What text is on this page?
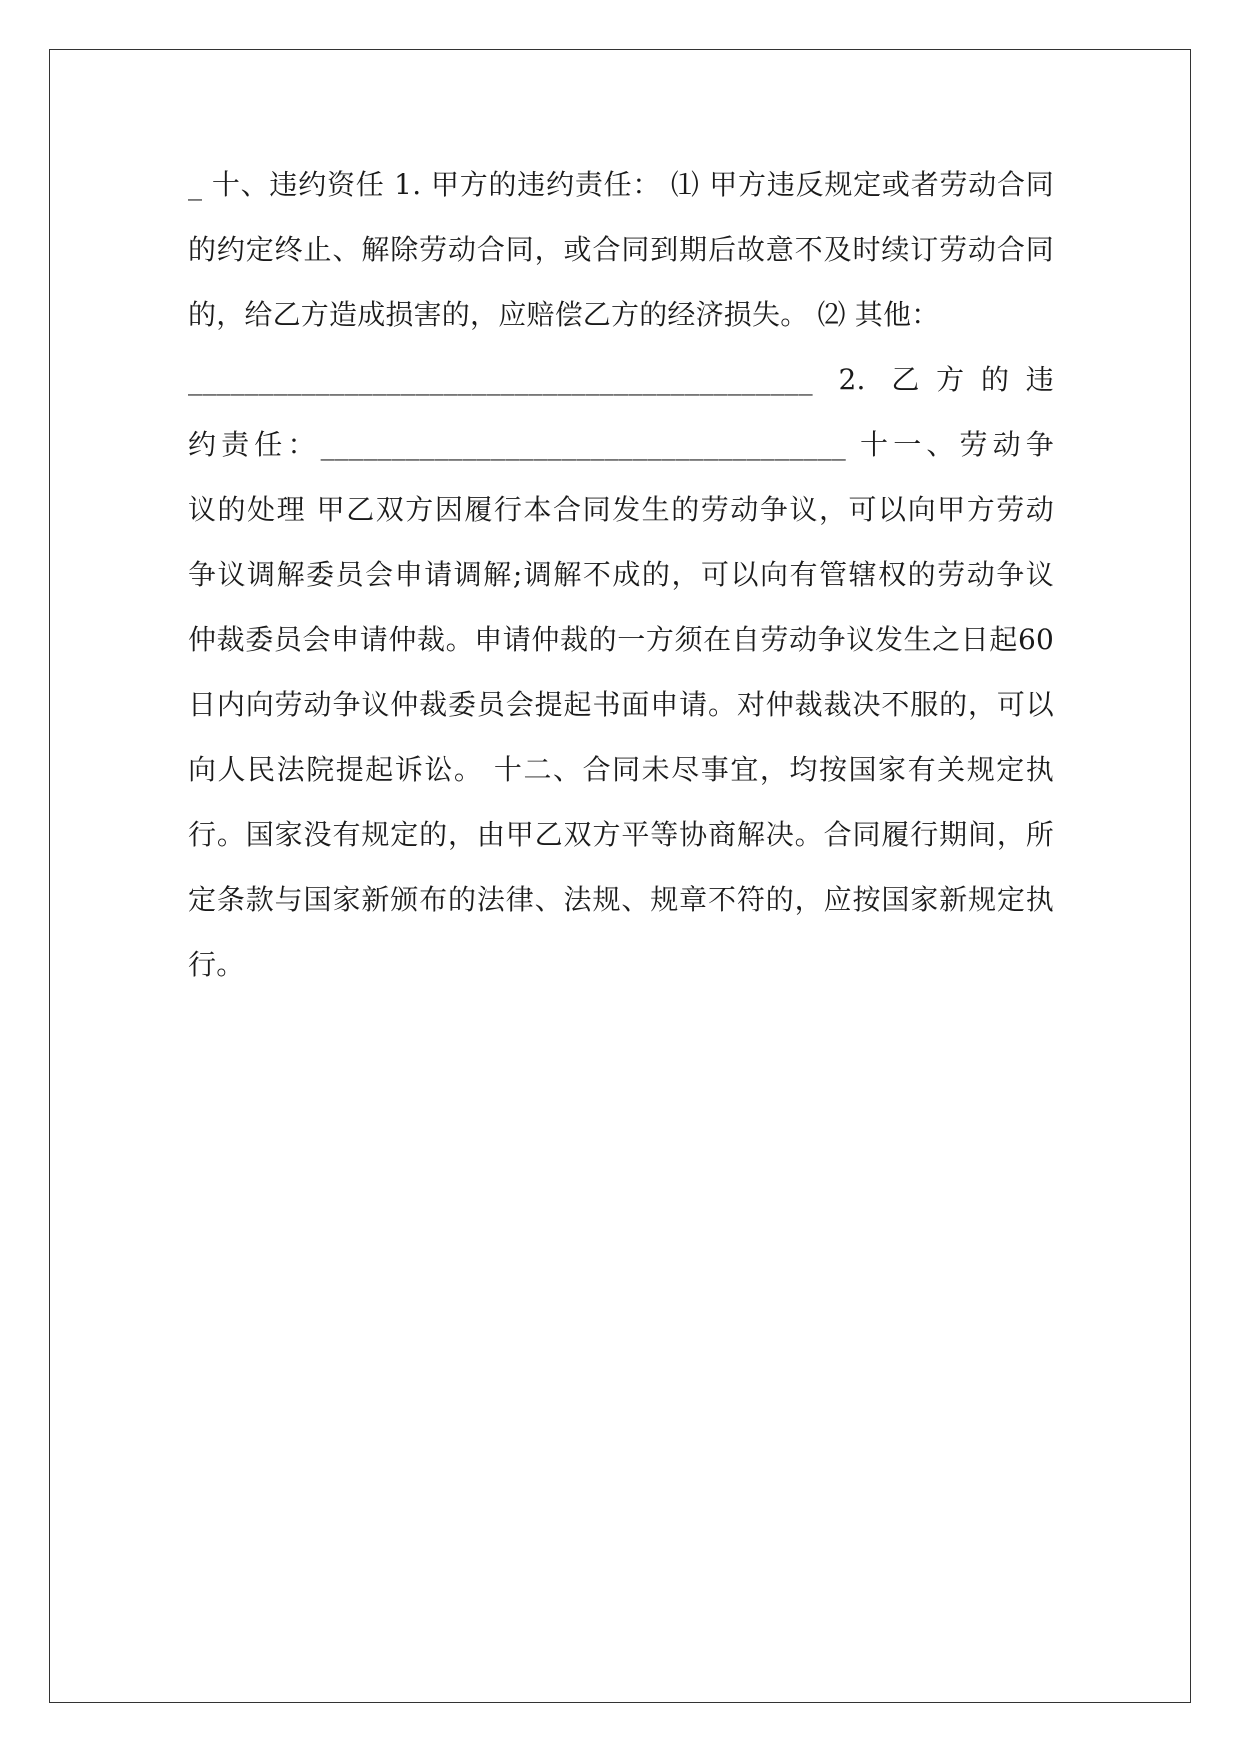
_ 十、违约资任 1. 甲方的违约责任： ⑴ 甲方违反规定或者劳动合同
的约定终止、解除劳动合同，或合同到期后故意不及时续订劳动合同
的，给乙方造成损害的，应赔偿乙方的经济损失。 ⑵ 其他：
____________________________________________ 2. 乙方的违
约责任：_____________________________________ 十一、劳动争
议的处理 甲乙双方因履行本合同发生的劳动争议，可以向甲方劳动
争议调解委员会申请调解;调解不成的，可以向有管辖权的劳动争议
仲裁委员会申请仲裁。申请仲裁的一方须在自劳动争议发生之日起60
日内向劳动争议仲裁委员会提起书面申请。对仲裁裁决不服的，可以
向人民法院提起诉讼。 十二、合同未尽事宜，均按国家有关规定执
行。国家没有规定的，由甲乙双方平等协商解决。合同履行期间，所
定条款与国家新颁布的法律、法规、规章不符的，应按国家新规定执
行。
